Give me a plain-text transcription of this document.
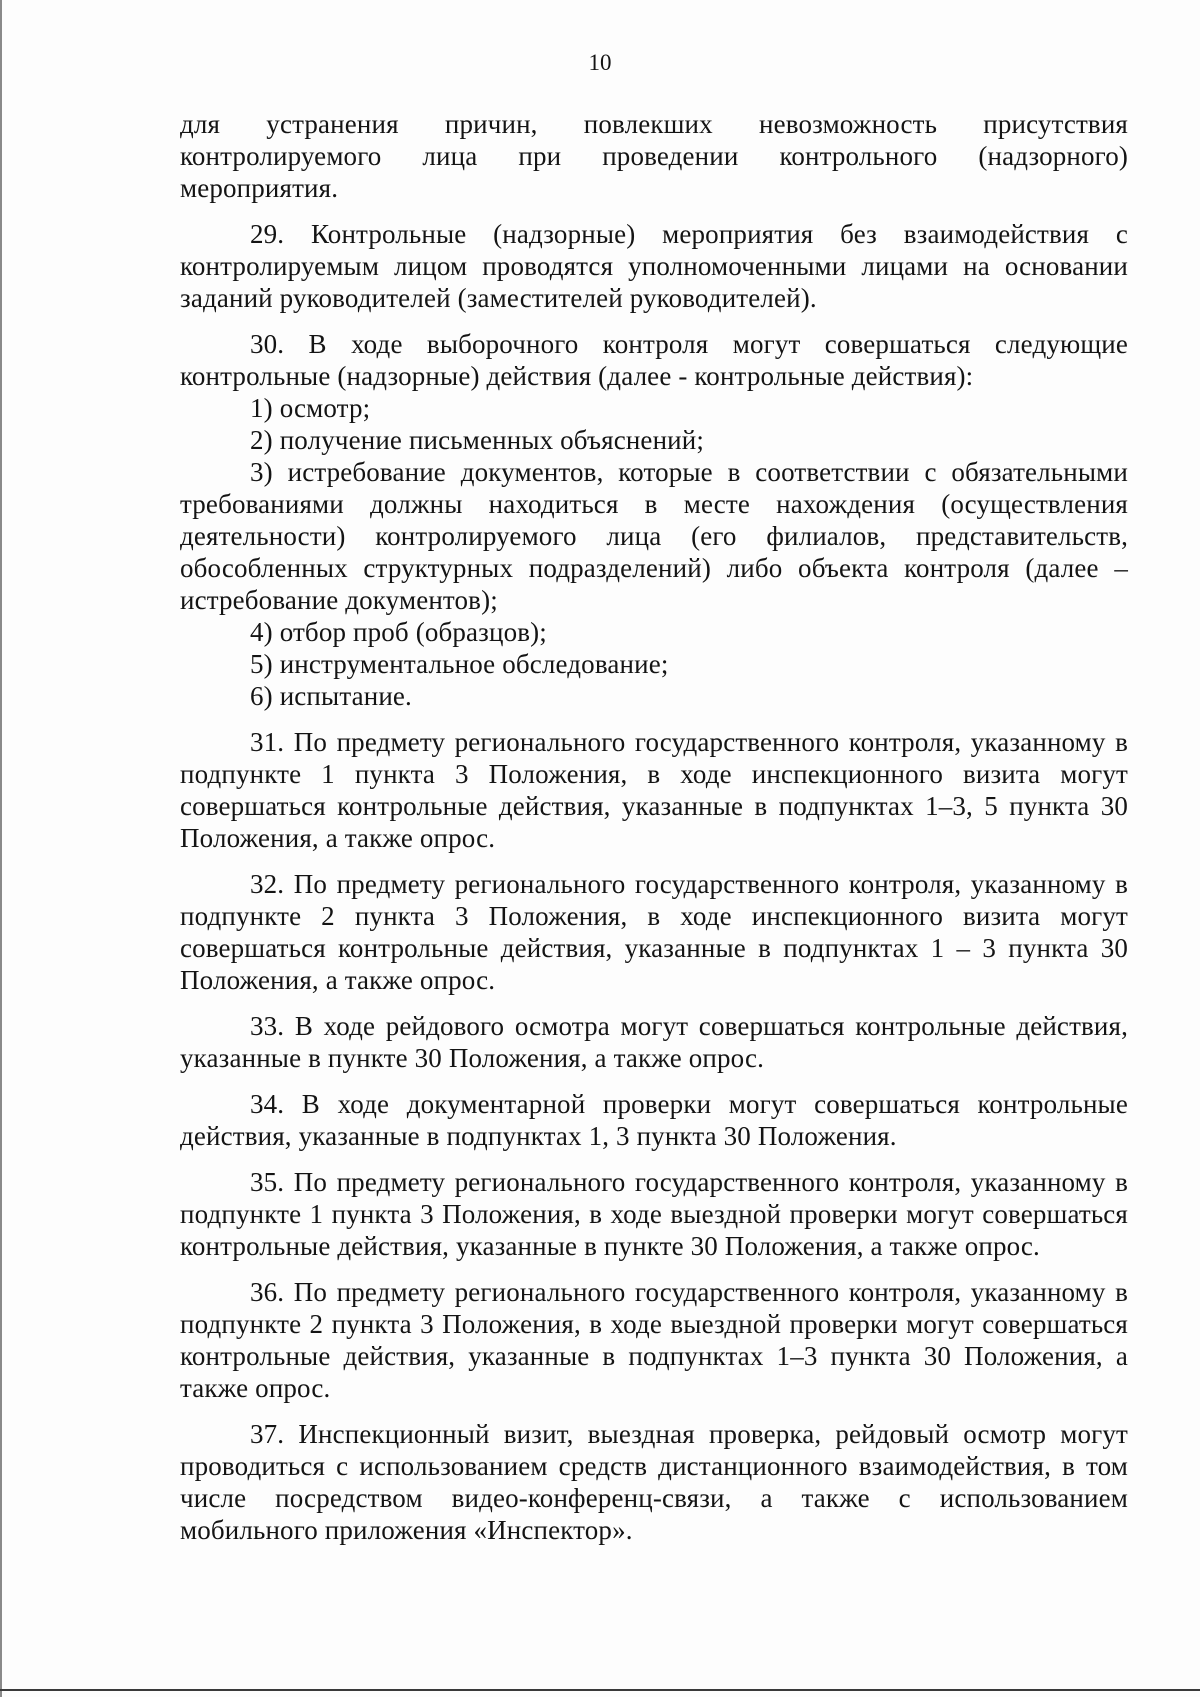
10

для устранения причин, повлекших невозможность присутствия контролируемого лица при проведении контрольного (надзорного) мероприятия.

29. Контрольные (надзорные) мероприятия без взаимодействия с контролируемым лицом проводятся уполномоченными лицами на основании заданий руководителей (заместителей руководителей).

30. В ходе выборочного контроля могут совершаться следующие контрольные (надзорные) действия (далее - контрольные действия):

1) осмотр;

2) получение письменных объяснений;

3) истребование документов, которые в соответствии с обязательными требованиями должны находиться в месте нахождения (осуществления деятельности) контролируемого лица (его филиалов, представительств, обособленных структурных подразделений) либо объекта контроля (далее – истребование документов);

4) отбор проб (образцов);

5) инструментальное обследование;

6) испытание.

31. По предмету регионального государственного контроля, указанному в подпункте 1 пункта 3 Положения, в ходе инспекционного визита могут совершаться контрольные действия, указанные в подпунктах 1–3, 5 пункта 30 Положения, а также опрос.

32. По предмету регионального государственного контроля, указанному в подпункте 2 пункта 3 Положения, в ходе инспекционного визита могут совершаться контрольные действия, указанные в подпунктах 1 – 3 пункта 30 Положения, а также опрос.

33. В ходе рейдового осмотра могут совершаться контрольные действия, указанные в пункте 30 Положения, а также опрос.

34. В ходе документарной проверки могут совершаться контрольные действия, указанные в подпунктах 1, 3 пункта 30 Положения.

35. По предмету регионального государственного контроля, указанному в подпункте 1 пункта 3 Положения, в ходе выездной проверки могут совершаться контрольные действия, указанные в пункте 30 Положения, а также опрос.

36. По предмету регионального государственного контроля, указанному в подпункте 2 пункта 3 Положения, в ходе выездной проверки могут совершаться контрольные действия, указанные в подпунктах 1–3 пункта 30 Положения, а также опрос.

37. Инспекционный визит, выездная проверка, рейдовый осмотр могут проводиться с использованием средств дистанционного взаимодействия, в том числе посредством видео-конференц-связи, а также с использованием мобильного приложения «Инспектор».
